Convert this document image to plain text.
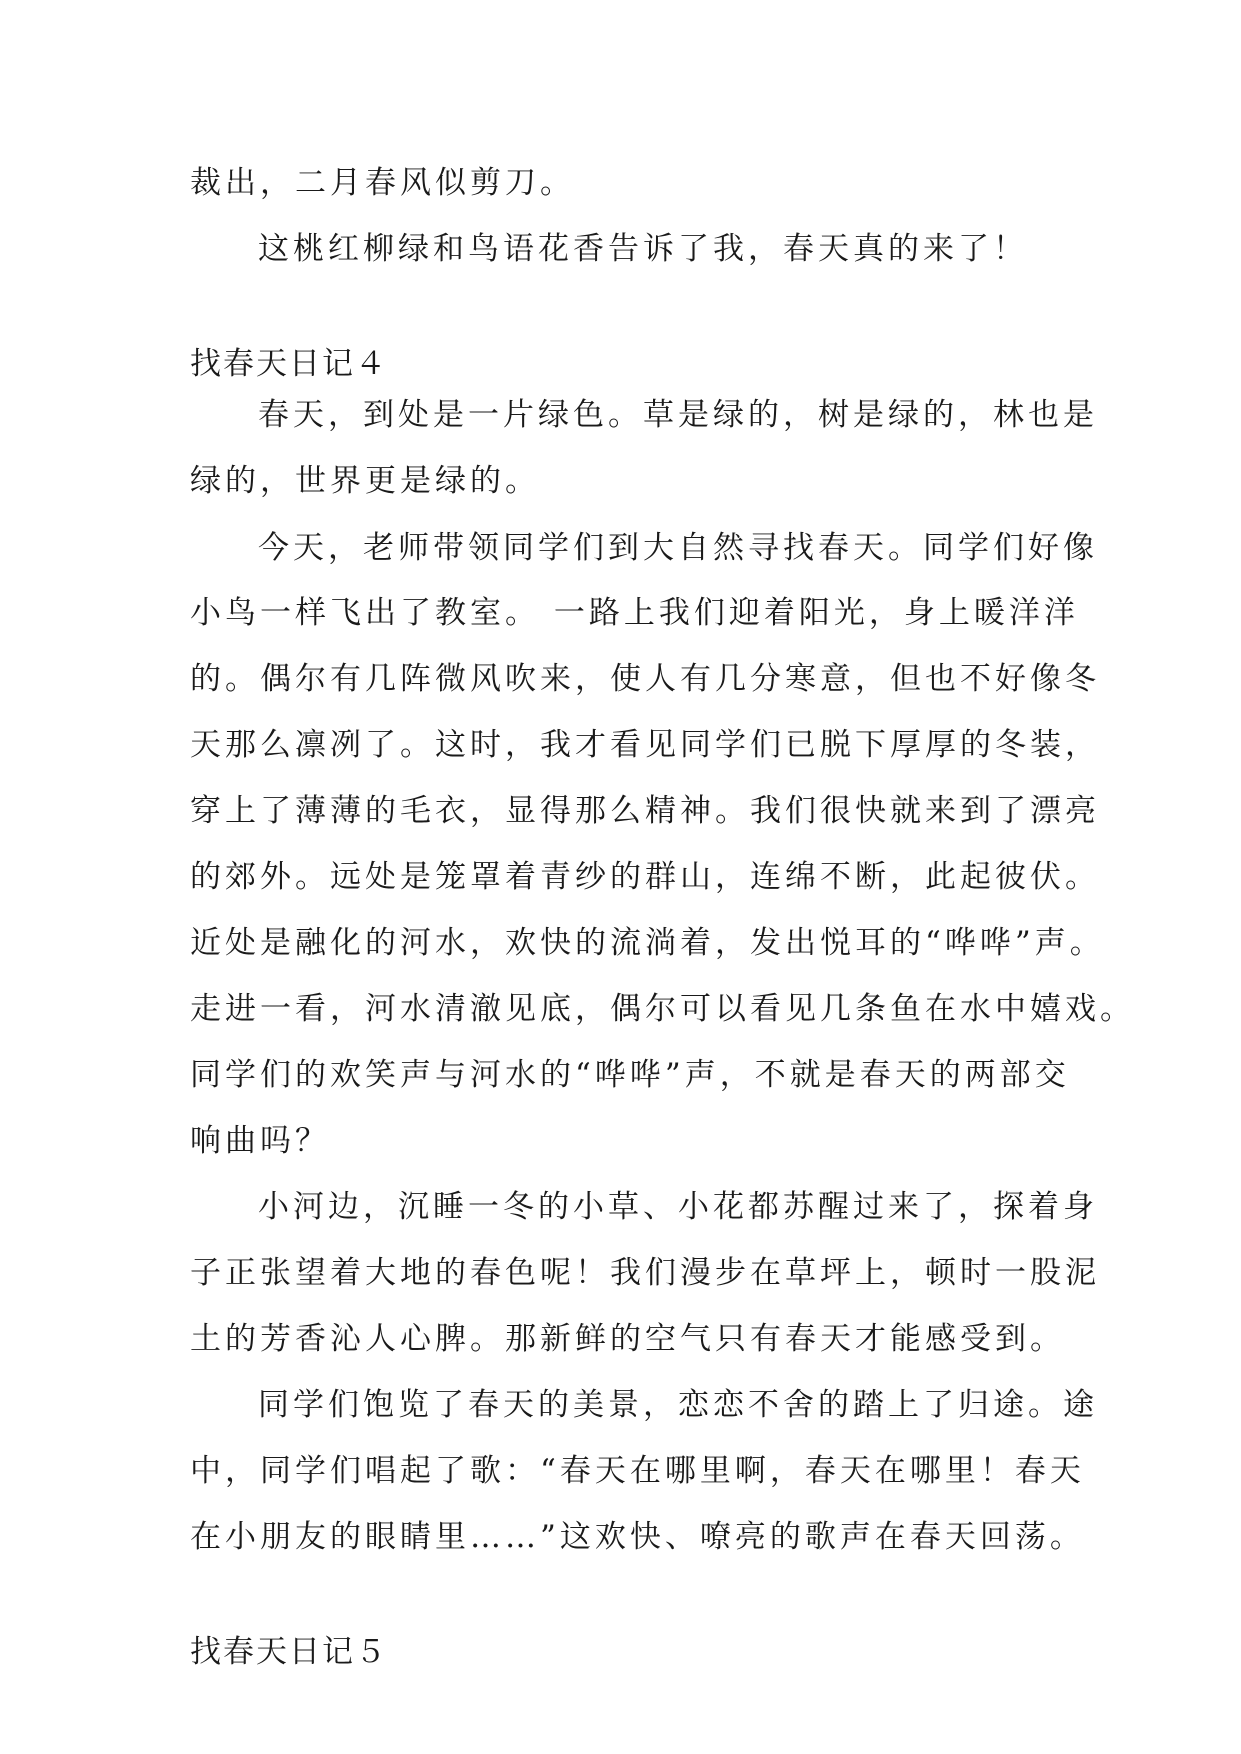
裁出，二月春风似剪刀。
这桃红柳绿和鸟语花香告诉了我，春天真的来了！
找春天日记４
春天，到处是一片绿色。草是绿的，树是绿的，林也是
绿的，世界更是绿的。
今天，老师带领同学们到大自然寻找春天。同学们好像
小鸟一样飞出了教室。 一路上我们迎着阳光，身上暖洋洋
的。偶尔有几阵微风吹来，使人有几分寒意，但也不好像冬
天那么凛冽了。这时，我才看见同学们已脱下厚厚的冬装，
穿上了薄薄的毛衣，显得那么精神。我们很快就来到了漂亮
的郊外。远处是笼罩着青纱的群山，连绵不断，此起彼伏。
近处是融化的河水，欢快的流淌着，发出悦耳的“哗哗”声。
走进一看，河水清澈见底，偶尔可以看见几条鱼在水中嬉戏。
同学们的欢笑声与河水的“哗哗”声，不就是春天的两部交
响曲吗？
小河边，沉睡一冬的小草、小花都苏醒过来了，探着身
子正张望着大地的春色呢！我们漫步在草坪上，顿时一股泥
土的芳香沁人心脾。那新鲜的空气只有春天才能感受到。
同学们饱览了春天的美景，恋恋不舍的踏上了归途。途
中，同学们唱起了歌：“春天在哪里啊，春天在哪里！春天
在小朋友的眼睛里……”这欢快、嘹亮的歌声在春天回荡。
找春天日记５
